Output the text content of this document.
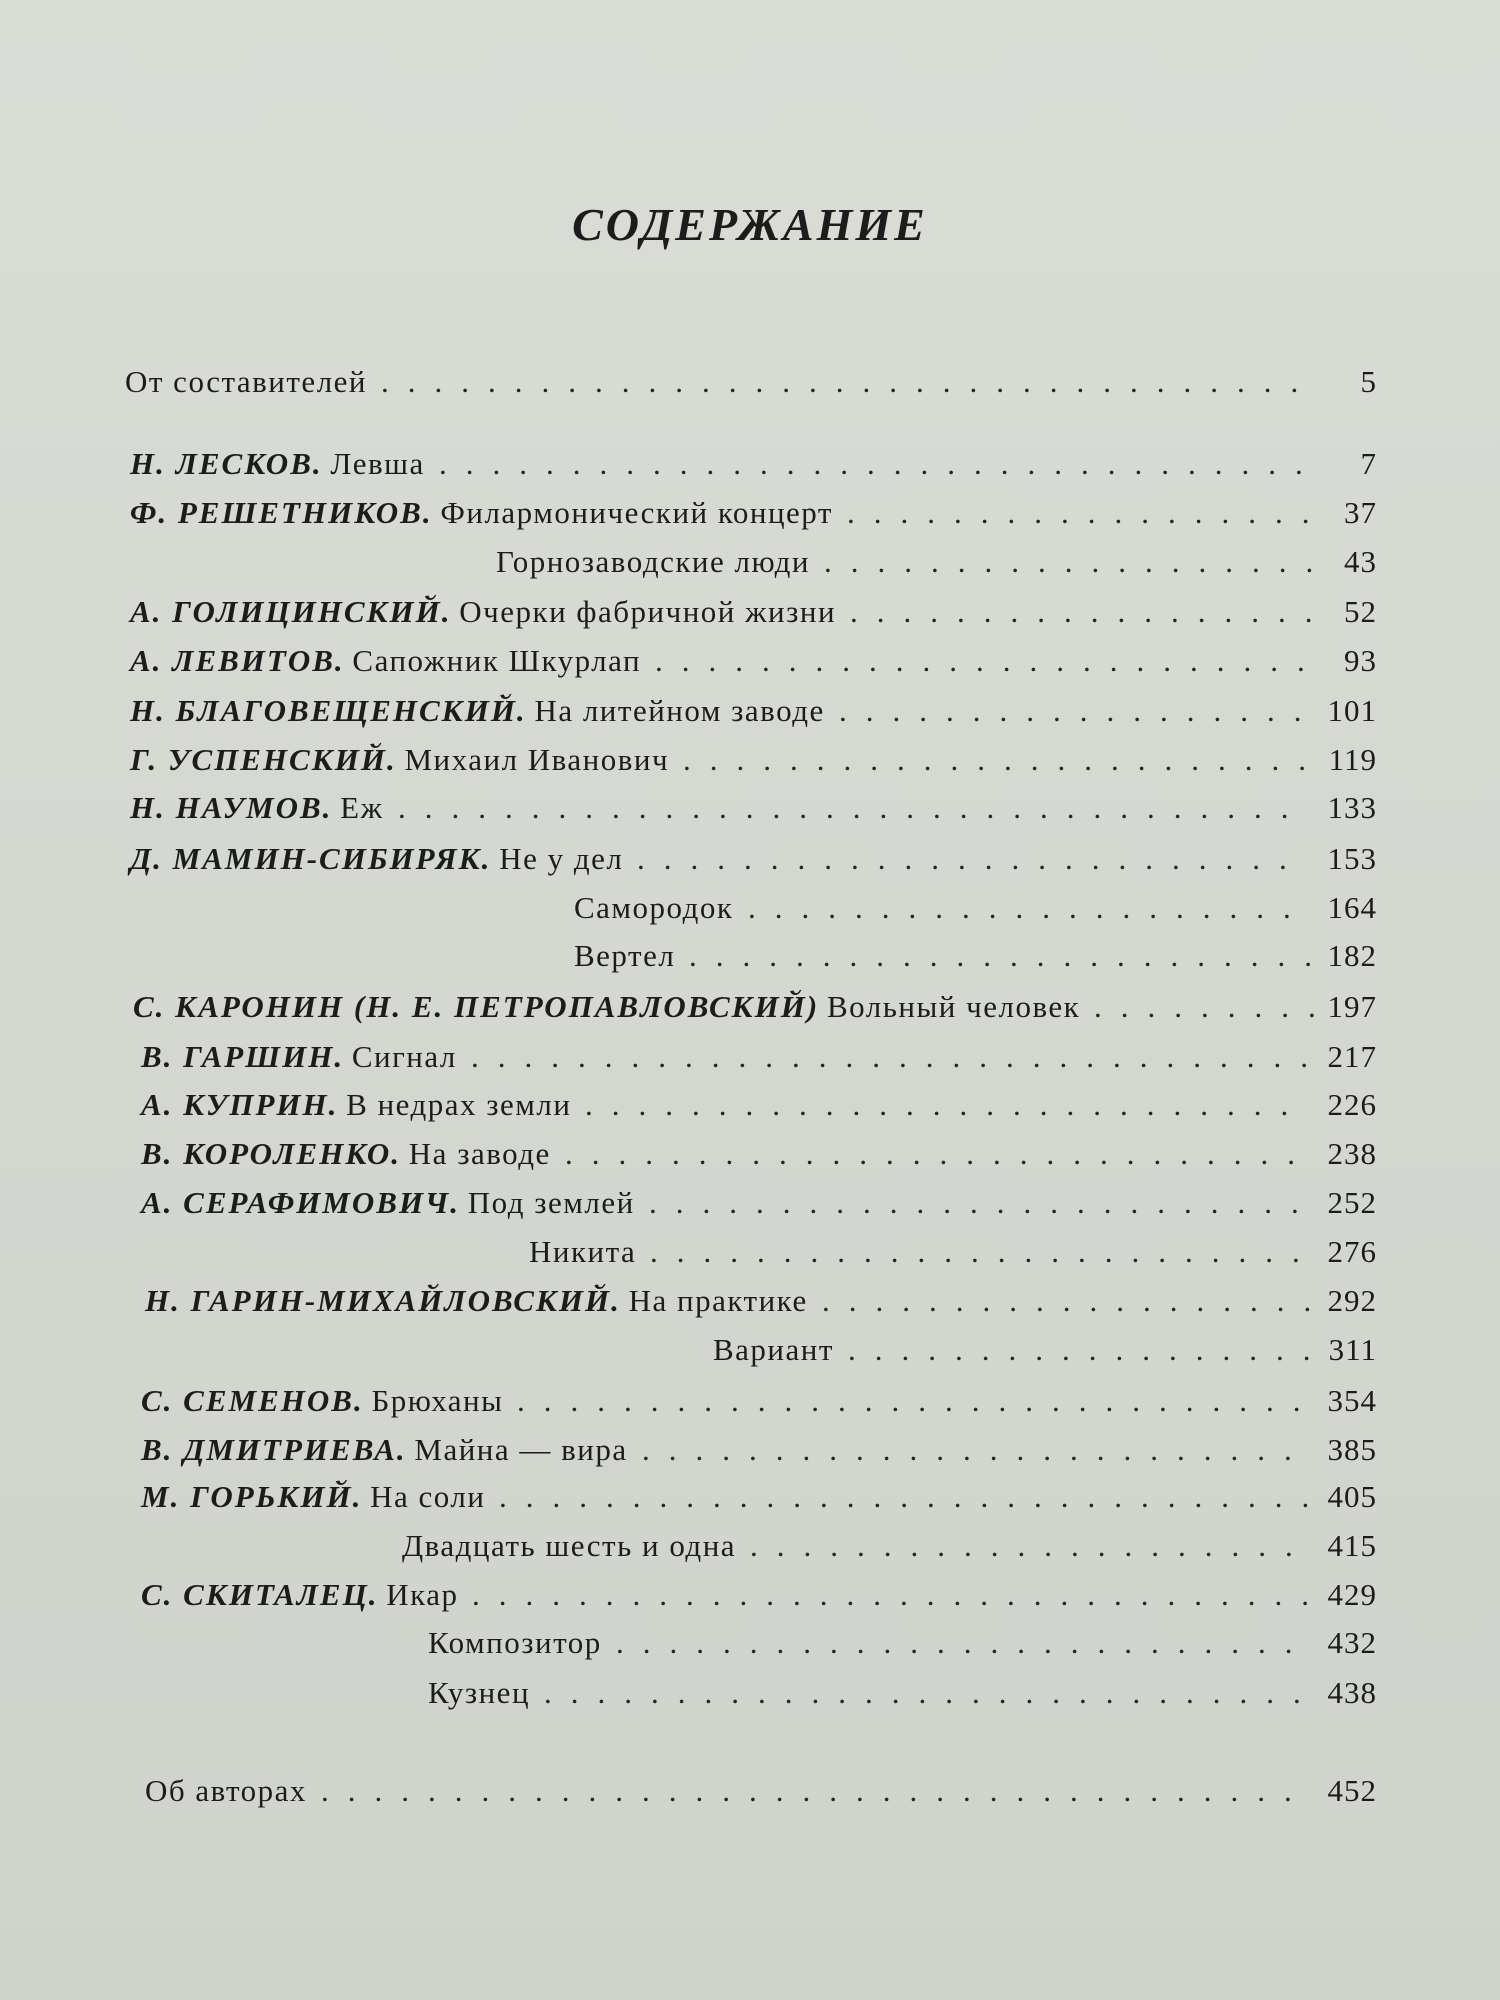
СОДЕРЖАНИЕ
От составителей	5
...................................
Н. ЛЕСКОВ. Левша	7
.................................
Ф. РЕШЕТНИКОВ. Филармонический концерт	37
..................
Горнозаводские люди	43
...................
А. ГОЛИЦИНСКИЙ. Очерки фабричной жизни	52
..................
А. ЛЕВИТОВ. Сапожник Шкурлап	93
.........................
Н. БЛАГОВЕЩЕНСКИЙ. На литейном заводе	101
..................
Г. УСПЕНСКИЙ. Михаил Иванович	119
........................
Н. НАУМОВ. Еж	133
..................................
Д. МАМИН-СИБИРЯК. Не у дел	153
.........................
Самородок	164
.....................
Вертел	182
........................
С. КАРОНИН (Н. Е. ПЕТРОПАВЛОВСКИЙ) Вольный человек	197
.........
В. ГАРШИН. Сигнал	217
................................
А. КУПРИН. В недрах земли	226
...........................
В. КОРОЛЕНКО. На заводе	238
............................
А. СЕРАФИМОВИЧ. Под землей	252
.........................
Никита	276
.........................
Н. ГАРИН-МИХАЙЛОВСКИЙ. На практике	292
...................
Вариант	311
..................
С. СЕМЕНОВ. Брюханы	354
..............................
В. ДМИТРИЕВА. Майна — вира	385
.........................
М. ГОРЬКИЙ. На соли	405
...............................
Двадцать шесть и одна	415
.....................
С. СКИТАЛЕЦ. Икар	429
................................
Композитор	432
..........................
Кузнец	438
.............................
Об авторах	452
.....................................
